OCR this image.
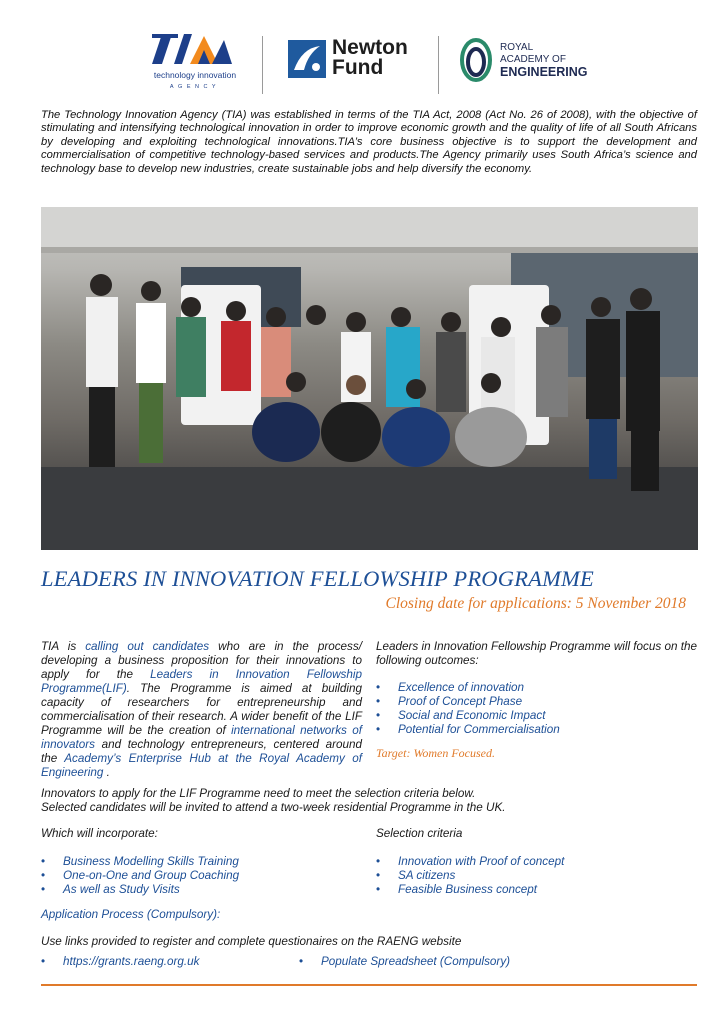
technology innovation
AGENCY
Newton
Fund
ROYAL
ACADEMY OF
ENGINEERING
The Technology Innovation Agency (TIA) was established in terms of the TIA Act, 2008 (Act No. 26 of 2008), with the objective of stimulating and intensifying technological innovation in order to improve economic growth and the quality of life of all South Africans by developing and exploiting technological innovations.TIA’s core business objective is to support the development and commercialisation of competitive technology-based services and products.The Agency primarily uses South Africa’s science and technology base to develop new industries, create sustainable jobs and help diversify the economy.
LEADERS IN INNOVATION FELLOWSHIP PROGRAMME
Closing date for applications: 5 November 2018
TIA is calling out candidates who are in the process/ developing a business proposition for their innovations to apply for the Leaders in Innovation Fellowship Programme(LIF). The Programme is aimed at building capacity of researchers for entrepreneurship and commercialisation of their research. A wider benefit of the LIF Programme will be the creation of international networks of innovators and technology entrepreneurs, centered around the Academy’s Enterprise Hub at the Royal Academy of Engineering .
Leaders in Innovation Fellowship Programme will focus on the following outcomes:
• Excellence of innovation
• Proof of Concept Phase
• Social and Economic Impact
• Potential for Commercialisation
Target: Women Focused.
Innovators to apply for the LIF Programme need to meet the selection criteria below.
Selected candidates will be invited to attend a two-week residential Programme in the UK.
Which will incorporate:
• Business Modelling Skills Training
• One-on-One and Group Coaching
• As well as Study Visits
Selection criteria
• Innovation with Proof of concept
• SA citizens
• Feasible Business concept
Application Process (Compulsory):
Use links provided to register and complete questionaires on the RAENG website
• https://grants.raeng.org.uk	• Populate Spreadsheet (Compulsory)
